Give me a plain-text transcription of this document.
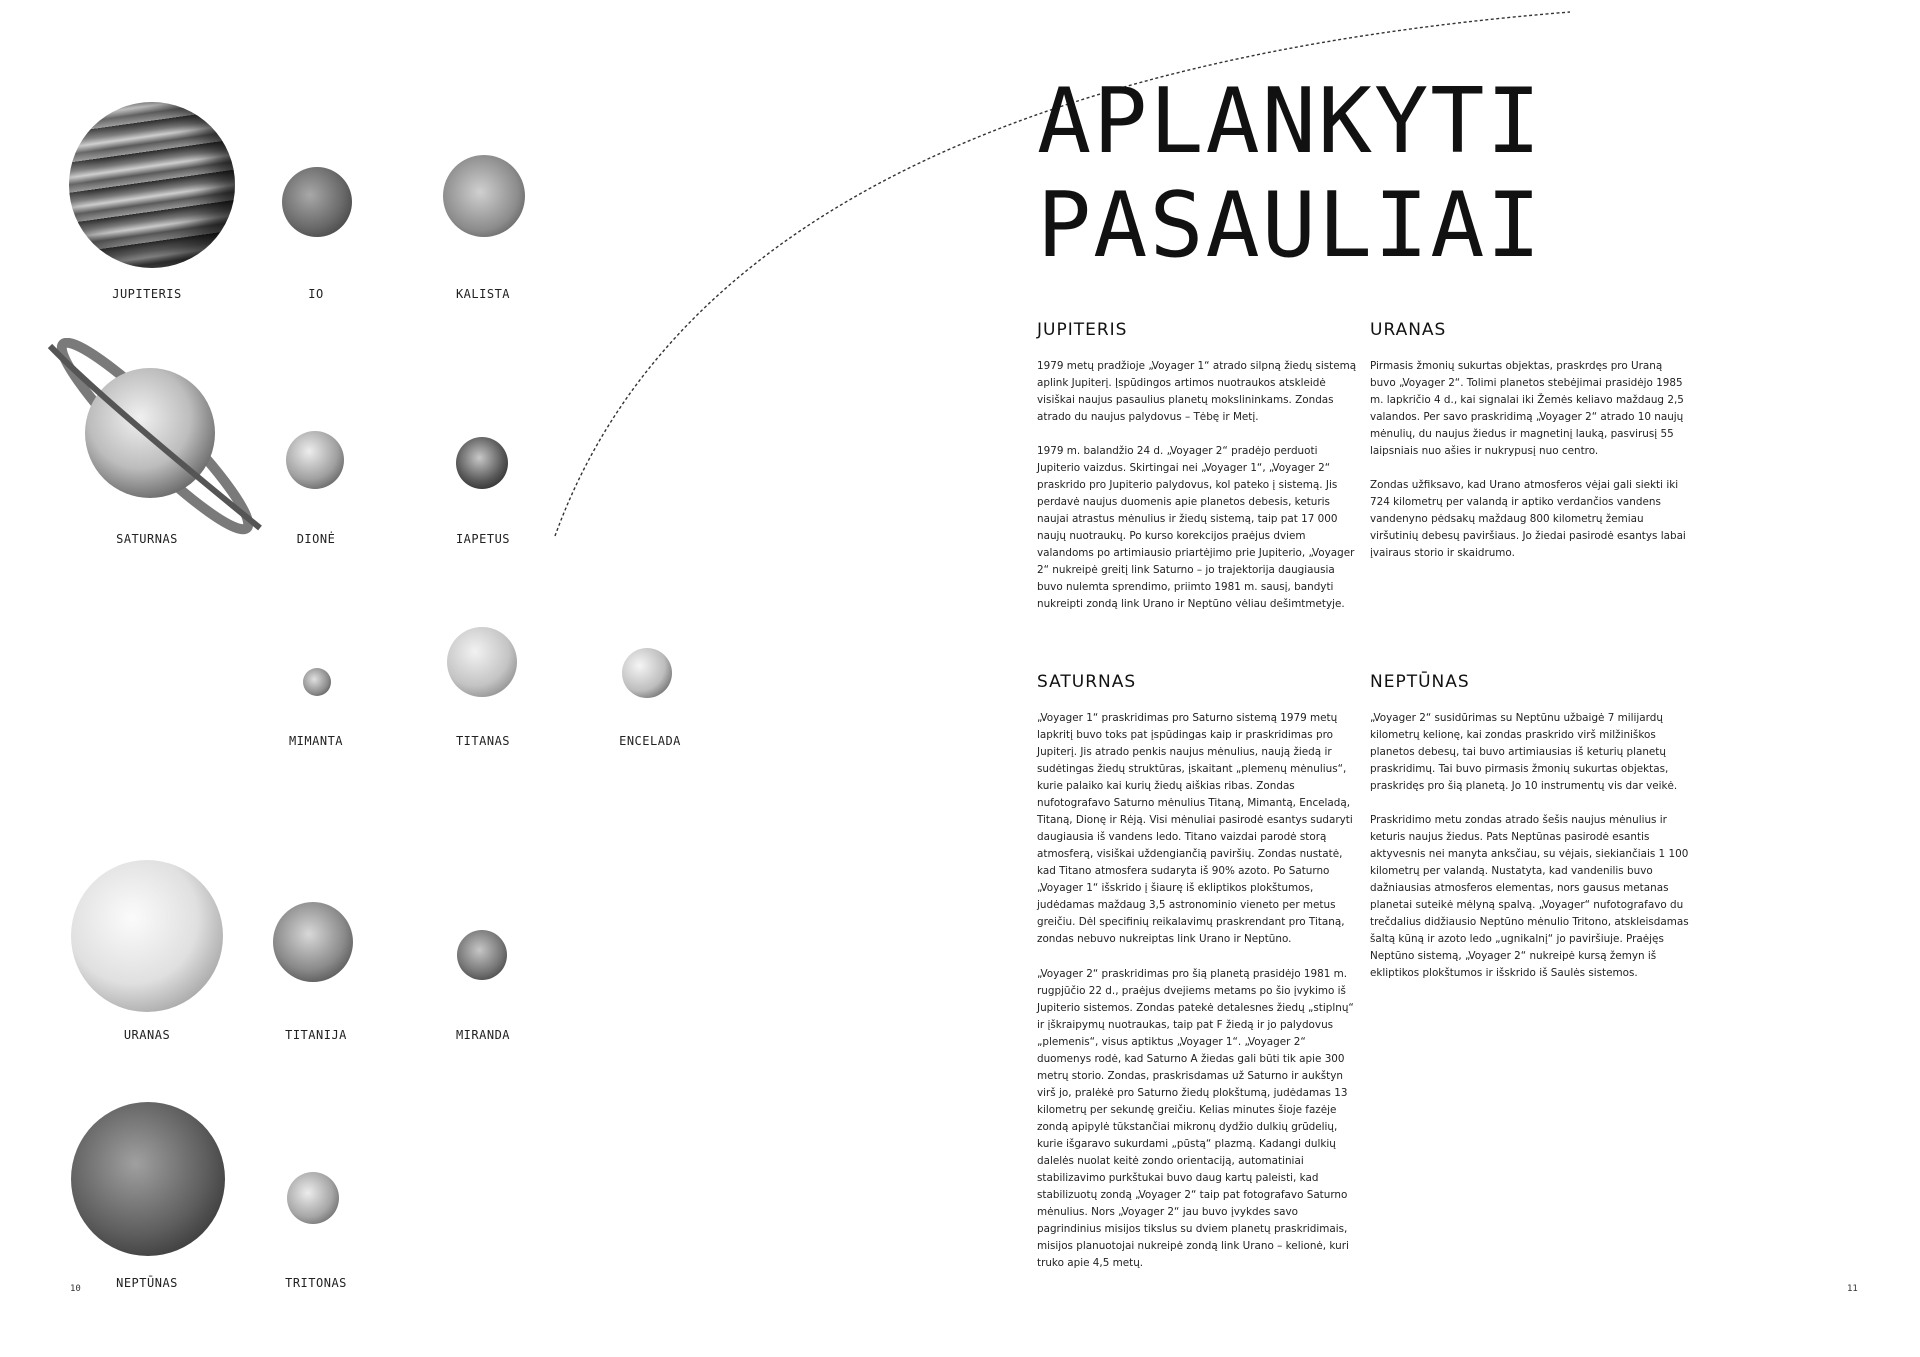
APLANKYTI
PASAULIAI
JUPITERIS	IO	KALISTA
SATURNAS	DIONĖ	IAPETUS
MIMANTA	TITANAS	ENCELADA
URANAS	TITANIJA	MIRANDA
NEPTŪNAS	TRITONAS
JUPITERIS

1979 metų pradžioje „Voyager 1“ atrado silpną žiedų sistemą aplink Jupiterį. Įspūdingos artimos nuotraukos atskleidė visiškai naujus pasaulius planetų mokslininkams. Zondas atrado du naujus palydovus – Tėbę ir Metį.

1979 m. balandžio 24 d. „Voyager 2“ pradėjo perduoti Jupiterio vaizdus. Skirtingai nei „Voyager 1“, „Voyager 2“ praskrido pro Jupiterio palydovus, kol pateko į sistemą. Jis perdavė naujus duomenis apie planetos debesis, keturis naujai atrastus mėnulius ir žiedų sistemą, taip pat 17 000 naujų nuotraukų. Po kurso korekcijos praėjus dviem valandoms po artimiausio priartėjimo prie Jupiterio, „Voyager 2“ nukreipė greitį link Saturno – jo trajektorija daugiausia buvo nulemta sprendimo, priimto 1981 m. sausį, bandyti nukreipti zondą link Urano ir Neptūno vėliau dešimtmetyje.

URANAS

Pirmasis žmonių sukurtas objektas, praskrdęs pro Uraną buvo „Voyager 2“. Tolimi planetos stebėjimai prasidėjo 1985 m. lapkričio 4 d., kai signalai iki Žemės keliavo maždaug 2,5 valandos. Per savo praskridimą „Voyager 2“ atrado 10 naujų mėnulių, du naujus žiedus ir magnetinį lauką, pasvirusį 55 laipsniais nuo ašies ir nukrypusį nuo centro.

Zondas užfiksavo, kad Urano atmosferos vėjai gali siekti iki 724 kilometrų per valandą ir aptiko verdančios vandens vandenyno pėdsakų maždaug 800 kilometrų žemiau viršutinių debesų paviršiaus. Jo žiedai pasirodė esantys labai įvairaus storio ir skaidrumo.

SATURNAS

„Voyager 1“ praskridimas pro Saturno sistemą 1979 metų lapkritį buvo toks pat įspūdingas kaip ir praskridimas pro Jupiterį. Jis atrado penkis naujus mėnulius, naują žiedą ir sudėtingas žiedų struktūras, įskaitant „plemenų mėnulius“, kurie palaiko kai kurių žiedų aiškias ribas. Zondas nufotografavo Saturno mėnulius Titaną, Mimantą, Enceladą, Titaną, Dionę ir Rėją. Visi mėnuliai pasirodė esantys sudaryti daugiausia iš vandens ledo. Titano vaizdai parodė storą atmosferą, visiškai uždengiančią paviršių. Zondas nustatė, kad Titano atmosfera sudaryta iš 90% azoto. Po Saturno „Voyager 1“ išskrido į šiaurę iš ekliptikos plokštumos, judėdamas maždaug 3,5 astronominio vieneto per metus greičiu. Dėl specifinių reikalavimų praskrendant pro Titaną, zondas nebuvo nukreiptas link Urano ir Neptūno.

„Voyager 2“ praskridimas pro šią planetą prasidėjo 1981 m. rugpjūčio 22 d., praėjus dvejiems metams po šio įvykimo iš Jupiterio sistemos. Zondas patekė detalesnes žiedų „stiplnų“ ir įškraipymų nuotraukas, taip pat F žiedą ir jo palydovus „plemenis“, visus aptiktus „Voyager 1“. „Voyager 2“ duomenys rodė, kad Saturno A žiedas gali būti tik apie 300 metrų storio. Zondas, praskrisdamas už Saturno ir aukštyn virš jo, pralėkė pro Saturno žiedų plokštumą, judėdamas 13 kilometrų per sekundę greičiu. Kelias minutes šioje fazėje zondą apipylė tūkstančiai mikronų dydžio dulkių grūdelių, kurie išgaravo sukurdami „pūstą“ plazmą. Kadangi dulkių dalelės nuolat keitė zondo orientaciją, automatiniai stabilizavimo purkštukai buvo daug kartų paleisti, kad stabilizuotų zondą „Voyager 2“ taip pat fotografavo Saturno mėnulius. Nors „Voyager 2“ jau buvo įvykdes savo pagrindinius misijos tikslus su dviem planetų praskridimais, misijos planuotojai nukreipė zondą link Urano – kelionė, kuri truko apie 4,5 metų.

NEPTŪNAS

„Voyager 2“ susidūrimas su Neptūnu užbaigė 7 milijardų kilometrų kelionę, kai zondas praskrido virš milžiniškos planetos debesų, tai buvo artimiausias iš keturių planetų praskridimų. Tai buvo pirmasis žmonių sukurtas objektas, praskridęs pro šią planetą. Jo 10 instrumentų vis dar veikė.

Praskridimo metu zondas atrado šešis naujus mėnulius ir keturis naujus žiedus. Pats Neptūnas pasirodė esantis aktyvesnis nei manyta anksčiau, su vėjais, siekiančiais 1 100 kilometrų per valandą. Nustatyta, kad vandenilis buvo dažniausias atmosferos elementas, nors gausus metanas planetai suteikė mėlyną spalvą. „Voyager“ nufotografavo du trečdalius didžiausio Neptūno mėnulio Tritono, atskleisdamas šaltą kūną ir azoto ledo „ugnikalnį“ jo paviršiuje. Praėjęs Neptūno sistemą, „Voyager 2“ nukreipė kursą žemyn iš ekliptikos plokštumos ir išskrido iš Saulės sistemos.

10	11
